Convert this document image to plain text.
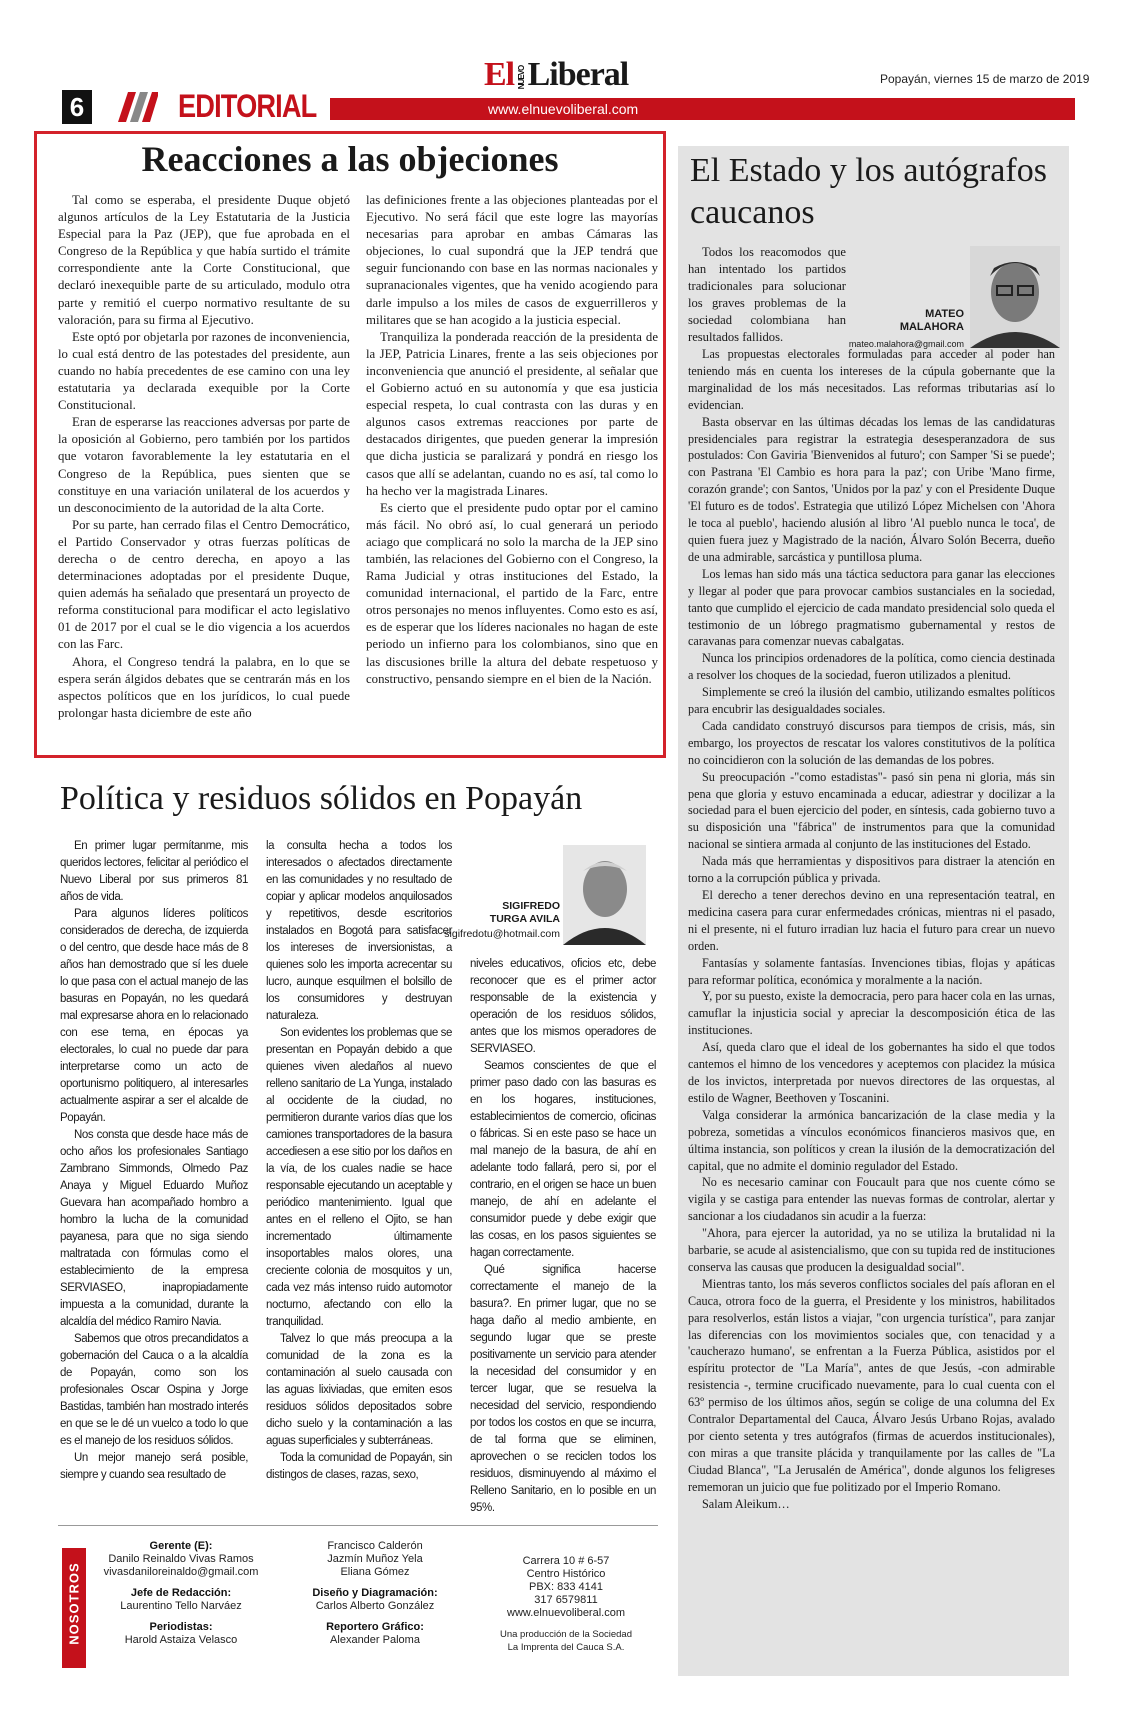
6	EDITORIAL	www.elnuevoliberal.com
El NUEVOLiberal	Popayán, viernes 15 de marzo de 2019
Reacciones a las objeciones

Tal como se esperaba, el presidente Duque objetó algunos artículos de la Ley Estatutaria de la Justicia Especial para la Paz (JEP), que fue aprobada en el Congreso de la República y que había surtido el trámite correspondiente ante la Corte Constitucional, que declaró inexequible parte de su articulado, modulo otra parte y remitió el cuerpo normativo resultante de su valoración, para su firma al Ejecutivo.

Este optó por objetarla por razones de inconveniencia, lo cual está dentro de las potestades del presidente, aun cuando no había precedentes de ese camino con una ley estatutaria ya declarada exequible por la Corte Constitucional.

Eran de esperarse las reacciones adversas por parte de la oposición al Gobierno, pero también por los partidos que votaron favorablemente la ley estatutaria en el Congreso de la República, pues sienten que se constituye en una variación unilateral de los acuerdos y un desconocimiento de la autoridad de la alta Corte.

Por su parte, han cerrado filas el Centro Democrático, el Partido Conservador y otras fuerzas políticas de derecha o de centro derecha, en apoyo a las determinaciones adoptadas por el presidente Duque, quien además ha señalado que presentará un proyecto de reforma constitucional para modificar el acto legislativo 01 de 2017 por el cual se le dio vigencia a los acuerdos con las Farc.

Ahora, el Congreso tendrá la palabra, en lo que se espera serán álgidos debates que se centrarán más en los aspectos políticos que en los jurídicos, lo cual puede prolongar hasta diciembre de este año

las definiciones frente a las objeciones planteadas por el Ejecutivo. No será fácil que este logre las mayorías necesarias para aprobar en ambas Cámaras las objeciones, lo cual supondrá que la JEP tendrá que seguir funcionando con base en las normas nacionales y supranacionales vigentes, que ha venido acogiendo para darle impulso a los miles de casos de exguerrilleros y militares que se han acogido a la justicia especial.

Tranquiliza la ponderada reacción de la presidenta de la JEP, Patricia Linares, frente a las seis objeciones por inconveniencia que anunció el presidente, al señalar que el Gobierno actuó en su autonomía y que esa justicia especial respeta, lo cual contrasta con las duras y en algunos casos extremas reacciones por parte de destacados dirigentes, que pueden generar la impresión que dicha justicia se paralizará y pondrá en riesgo los casos que allí se adelantan, cuando no es así, tal como lo ha hecho ver la magistrada Linares.

Es cierto que el presidente pudo optar por el camino más fácil. No obró así, lo cual generará un periodo aciago que complicará no solo la marcha de la JEP sino también, las relaciones del Gobierno con el Congreso, la Rama Judicial y otras instituciones del Estado, la comunidad internacional, el partido de la Farc, entre otros personajes no menos influyentes. Como esto es así, es de esperar que los líderes nacionales no hagan de este periodo un infierno para los colombianos, sino que en las discusiones brille la altura del debate respetuoso y constructivo, pensando siempre en el bien de la Nación.

El Estado y los autógrafos caucanos
MATEO
MALAHORA
mateo.malahora@gmail.com

Todos los reacomodos que han intentado los partidos tradicionales para solucionar los graves problemas de la sociedad colombiana han resultados fallidos.

Las propuestas electorales formuladas para acceder al poder han teniendo más en cuenta los intereses de la cúpula gobernante que la marginalidad de los más necesitados. Las reformas tributarias así lo evidencian.

Basta observar en las últimas décadas los lemas de las candidaturas presidenciales para registrar la estrategia desesperanzadora de sus postulados: Con Gaviria 'Bienvenidos al futuro'; con Samper 'Si se puede'; con Pastrana 'El Cambio es hora para la paz'; con Uribe 'Mano firme, corazón grande'; con Santos, 'Unidos por la paz' y con el Presidente Duque 'El futuro es de todos'. Estrategia que utilizó López Michelsen con 'Ahora le toca al pueblo', haciendo alusión al libro 'Al pueblo nunca le toca', de quien fuera juez y Magistrado de la nación, Álvaro Solón Becerra, dueño de una admirable, sarcástica y puntillosa pluma.

Los lemas han sido más una táctica seductora para ganar las elecciones y llegar al poder que para provocar cambios sustanciales en la sociedad, tanto que cumplido el ejercicio de cada mandato presidencial solo queda el testimonio de un lóbrego pragmatismo gubernamental y restos de caravanas para comenzar nuevas cabalgatas.

Nunca los principios ordenadores de la política, como ciencia destinada a resolver los choques de la sociedad, fueron utilizados a plenitud.

Simplemente se creó la ilusión del cambio, utilizando esmaltes políticos para encubrir las desigualdades sociales.

Cada candidato construyó discursos para tiempos de crisis, más, sin embargo, los proyectos de rescatar los valores constitutivos de la política no coincidieron con la solución de las demandas de los pobres.

Su preocupación -"como estadistas"- pasó sin pena ni gloria, más sin pena que gloria y estuvo encaminada a educar, adiestrar y docilizar a la sociedad para el buen ejercicio del poder, en síntesis, cada gobierno tuvo a su disposición una "fábrica" de instrumentos para que la comunidad nacional se sintiera armada al conjunto de las instituciones del Estado.

Nada más que herramientas y dispositivos para distraer la atención en torno a la corrupción pública y privada.

El derecho a tener derechos devino en una representación teatral, en medicina casera para curar enfermedades crónicas, mientras ni el pasado, ni el presente, ni el futuro irradian luz hacia el futuro para crear un nuevo orden.

Fantasías y solamente fantasías. Invenciones tibias, flojas y apáticas para reformar política, económica y moralmente a la nación.

Y, por su puesto, existe la democracia, pero para hacer cola en las urnas, camuflar la injusticia social y apreciar la descomposición ética de las instituciones.

Así, queda claro que el ideal de los gobernantes ha sido el que todos cantemos el himno de los vencedores y aceptemos con placidez la música de los invictos, interpretada por nuevos directores de las orquestas, al estilo de Wagner, Beethoven y Toscanini.

Valga considerar la armónica bancarización de la clase media y la pobreza, sometidas a vínculos económicos financieros masivos que, en última instancia, son políticos y crean la ilusión de la democratización del capital, que no admite el dominio regulador del Estado.

No es necesario caminar con Foucault para que nos cuente cómo se vigila y se castiga para entender las nuevas formas de controlar, alertar y sancionar a los ciudadanos sin acudir a la fuerza:

"Ahora, para ejercer la autoridad, ya no se utiliza la brutalidad ni la barbarie, se acude al asistencialismo, que con su tupida red de instituciones conserva las causas que producen la desigualdad social".

Mientras tanto, los más severos conflictos sociales del país afloran en el Cauca, otrora foco de la guerra, el Presidente y los ministros, habilitados para resolverlos, están listos a viajar, "con urgencia turística", para zanjar las diferencias con los movimientos sociales que, con tenacidad y a 'caucherazo humano', se enfrentan a la Fuerza Pública, asistidos por el espíritu protector de "La María", antes de que Jesús, -con admirable resistencia -, termine crucificado nuevamente, para lo cual cuenta con el 63º permiso de los últimos años, según se colige de una columna del Ex Contralor Departamental del Cauca, Álvaro Jesús Urbano Rojas, avalado por ciento setenta y tres autógrafos (firmas de acuerdos institucionales), con miras a que transite plácida y tranquilamente por las calles de "La Ciudad Blanca", "La Jerusalén de América", donde algunos los feligreses rememoran un juicio que fue politizado por el Imperio Romano.

Salam Aleikum…

Política y residuos sólidos en Popayán
SIGIFREDO
TURGA AVILA
sigifredotu@hotmail.com

En primer lugar permítanme, mis queridos lectores, felicitar al periódico el Nuevo Liberal por sus primeros 81 años de vida.

Para algunos líderes políticos considerados de derecha, de izquierda o del centro, que desde hace más de 8 años han demostrado que sí les duele lo que pasa con el actual manejo de las basuras en Popayán, no les quedará mal expresarse ahora en lo relacionado con ese tema, en épocas ya electorales, lo cual no puede dar para interpretarse como un acto de oportunismo politiquero, al interesarles actualmente aspirar a ser el alcalde de Popayán.

Nos consta que desde hace más de ocho años los profesionales Santiago Zambrano Simmonds, Olmedo Paz Anaya y Miguel Eduardo Muñoz Guevara han acompañado hombro a hombro la lucha de la comunidad payanesa, para que no siga siendo maltratada con fórmulas como el establecimiento de la empresa SERVIASEO, inapropiadamente impuesta a la comunidad, durante la alcaldía del médico Ramiro Navia.

Sabemos que otros precandidatos a gobernación del Cauca o a la alcaldía de Popayán, como son los profesionales Oscar Ospina y Jorge Bastidas, también han mostrado interés en que se le dé un vuelco a todo lo que es el manejo de los residuos sólidos.

Un mejor manejo será posible, siempre y cuando sea resultado de

la consulta hecha a todos los interesados o afectados directamente en las comunidades y no resultado de copiar y aplicar modelos anquilosados y repetitivos, desde escritorios instalados en Bogotá para satisfacer los intereses de inversionistas, a quienes solo les importa acrecentar su lucro, aunque esquilmen el bolsillo de los consumidores y destruyan naturaleza.

Son evidentes los problemas que se presentan en Popayán debido a que quienes viven aledaños al nuevo relleno sanitario de La Yunga, instalado al occidente de la ciudad, no permitieron durante varios días que los camiones transportadores de la basura accediesen a ese sitio por los daños en la vía, de los cuales nadie se hace responsable ejecutando un aceptable y periódico mantenimiento. Igual que antes en el relleno el Ojito, se han incrementado últimamente insoportables malos olores, una creciente colonia de mosquitos y un, cada vez más intenso ruido automotor nocturno, afectando con ello la tranquilidad.

Talvez lo que más preocupa a la comunidad de la zona es la contaminación al suelo causada con las aguas lixiviadas, que emiten esos residuos sólidos depositados sobre dicho suelo y la contaminación a las aguas superficiales y subterráneas.

Toda la comunidad de Popayán, sin distingos de clases, razas, sexo,

niveles educativos, oficios etc, debe reconocer que es el primer actor responsable de la existencia y operación de los residuos sólidos, antes que los mismos operadores de SERVIASEO.

Seamos conscientes de que el primer paso dado con las basuras es en los hogares, instituciones, establecimientos de comercio, oficinas o fábricas. Si en este paso se hace un mal manejo de la basura, de ahí en adelante todo fallará, pero si, por el contrario, en el origen se hace un buen manejo, de ahí en adelante el consumidor puede y debe exigir que las cosas, en los pasos siguientes se hagan correctamente.

Qué significa hacerse correctamente el manejo de la basura?. En primer lugar, que no se haga daño al medio ambiente, en segundo lugar que se preste positivamente un servicio para atender la necesidad del consumidor y en tercer lugar, que se resuelva la necesidad del servicio, respondiendo por todos los costos en que se incurra, de tal forma que se eliminen, aprovechen o se reciclen todos los residuos, disminuyendo al máximo el Relleno Sanitario, en lo posible en un 95%.

NOSOTROS
Gerente (E):
Danilo Reinaldo Vivas Ramos
vivasdaniloreinaldo@gmail.com
Jefe de Redacción:
Laurentino Tello Narváez
Periodistas:
Harold Astaiza Velasco
Francisco Calderón
Jazmín Muñoz Yela
Eliana Gómez
Diseño y Diagramación:
Carlos Alberto González
Reportero Gráfico:
Alexander Paloma
Carrera 10 # 6-57
Centro Histórico
PBX: 833 4141
317 6579811
www.elnuevoliberal.com
Una producción de la Sociedad
La Imprenta del Cauca S.A.
